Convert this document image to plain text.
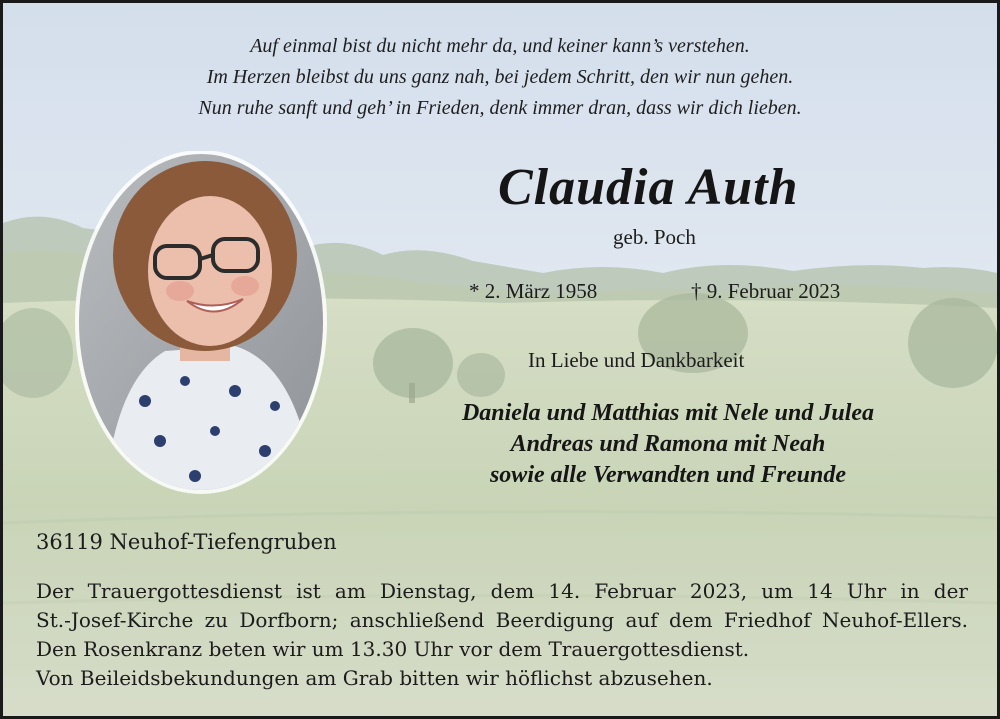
Auf einmal bist du nicht mehr da, und keiner kann’s verstehen.
Im Herzen bleibst du uns ganz nah, bei jedem Schritt, den wir nun gehen.
Nun ruhe sanft und geh’ in Frieden, denk immer dran, dass wir dich lieben.
Claudia Auth
geb. Poch
* 2. März 1958	† 9. Februar 2023
In Liebe und Dankbarkeit
Daniela und Matthias mit Nele und Julea
Andreas und Ramona mit Neah
sowie alle Verwandten und Freunde
36119 Neuhof-Tiefengruben
Der Trauergottesdienst ist am Dienstag, dem 14. Februar 2023, um 14 Uhr in der
St.-Josef-Kirche zu Dorfborn; anschließend Beerdigung auf dem Friedhof Neuhof-Ellers.
Den Rosenkranz beten wir um 13.30 Uhr vor dem Trauergottesdienst.
Von Beileidsbekundungen am Grab bitten wir höflichst abzusehen.
